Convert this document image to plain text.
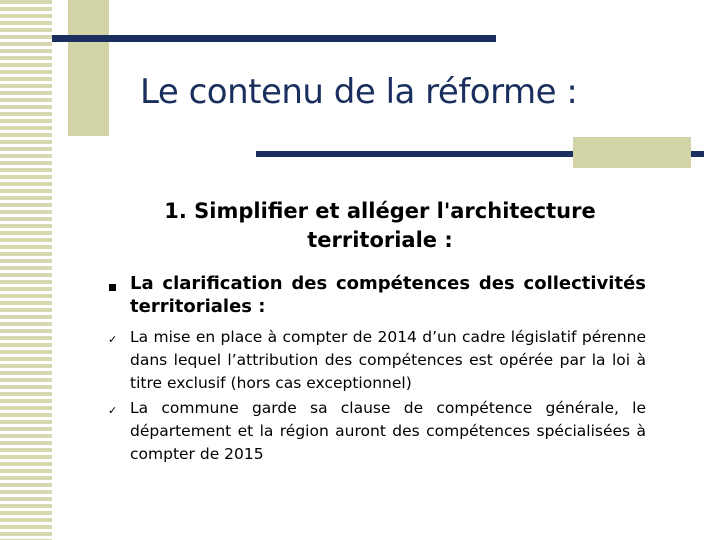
Le contenu de la réforme :

1. Simplifier et alléger l'architecture territoriale :

La clarification des compétences des collectivités territoriales :

✓ La mise en place à compter de 2014 d’un cadre législatif pérenne dans lequel l’attribution des compétences est opérée par la loi à titre exclusif (hors cas exceptionnel)

✓ La commune garde sa clause de compétence générale, le département et la région auront des compétences spécialisées à compter de 2015
